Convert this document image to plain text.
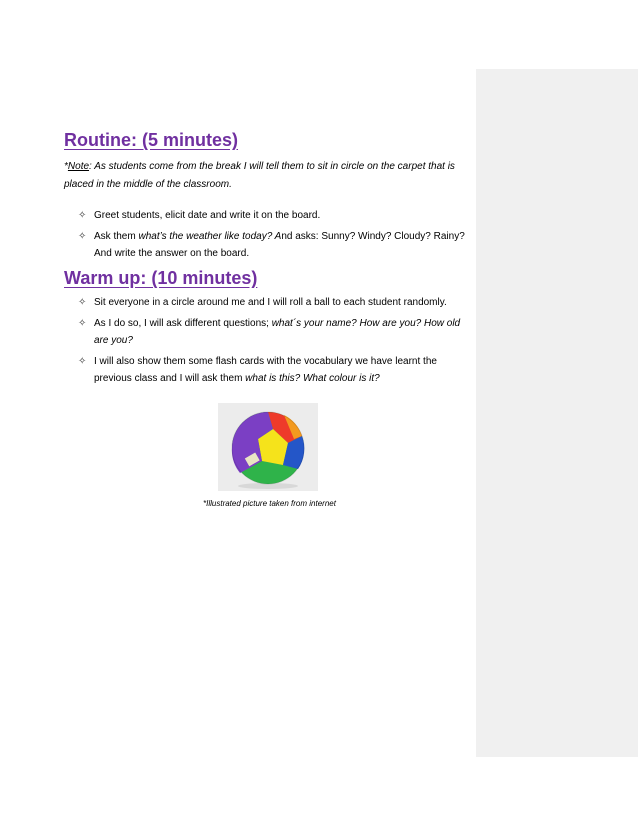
Routine: (5 minutes)
*Note: As students come from the break I will tell them to sit in circle on the carpet that is placed in the middle of the classroom.
✧ Greet students, elicit date and write it on the board.
✧ Ask them what’s the weather like today? And asks: Sunny? Windy? Cloudy? Rainy? And write the answer on the board.
Warm up: (10 minutes)
✧ Sit everyone in a circle around me and I will roll a ball to each student randomly.
✧ As I do so, I will ask different questions; what´s your name? How are you? How old are you?
✧ I will also show them some flash cards with the vocabulary we have learnt the previous class and I will ask them what is this? What colour is it?
*Illustrated picture taken from internet
